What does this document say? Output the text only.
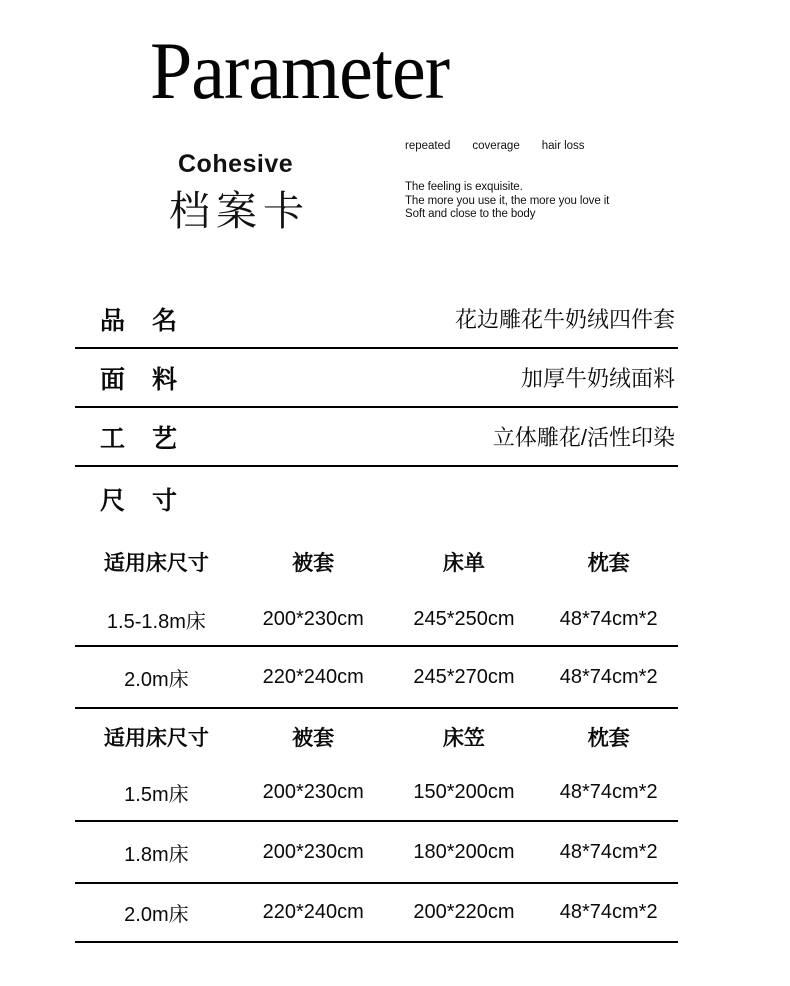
Parameter
Cohesive
档案卡
repeated coverage hair loss
The feeling is exquisite.
The more you use it, the more you love it
Soft and close to the body
品　名	花边雕花牛奶绒四件套
面　料	加厚牛奶绒面料
工　艺	立体雕花/活性印染
尺　寸
适用床尺寸	被套	床单	枕套
1.5-1.8m床	200*230cm	245*250cm	48*74cm*2
2.0m床	220*240cm	245*270cm	48*74cm*2
适用床尺寸	被套	床笠	枕套
1.5m床	200*230cm	150*200cm	48*74cm*2
1.8m床	200*230cm	180*200cm	48*74cm*2
2.0m床	220*240cm	200*220cm	48*74cm*2
